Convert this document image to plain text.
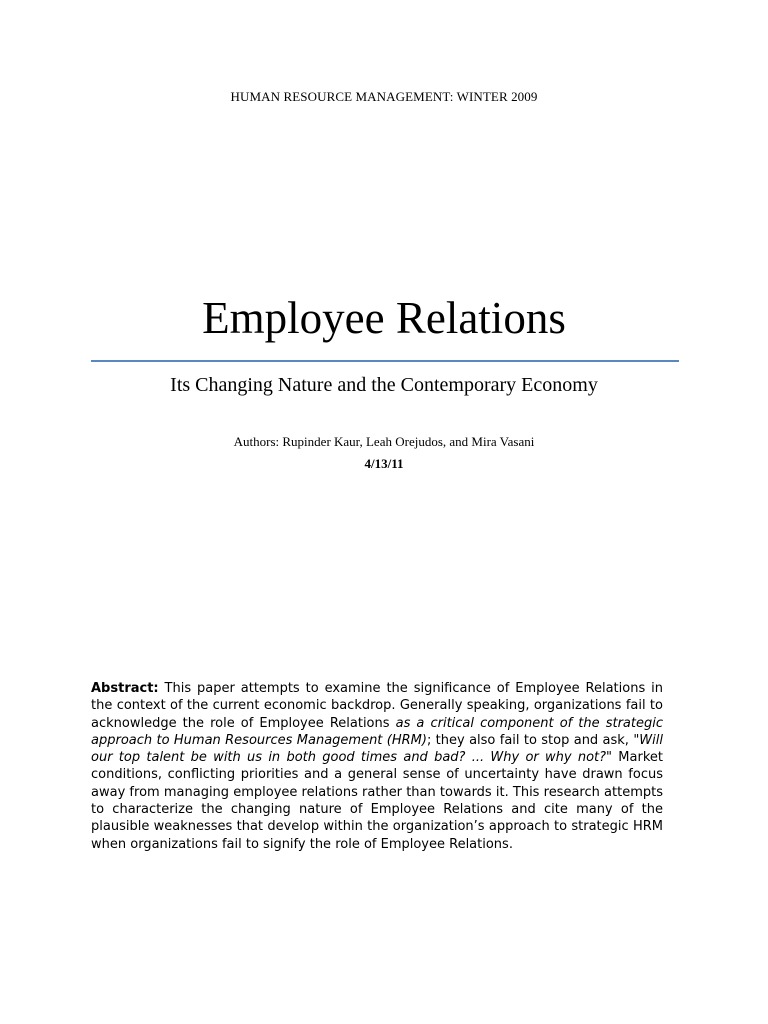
HUMAN RESOURCE MANAGEMENT: WINTER 2009
Employee Relations
Its Changing Nature and the Contemporary Economy
Authors: Rupinder Kaur, Leah Orejudos, and Mira Vasani
4/13/11

Abstract: This paper attempts to examine the significance of Employee Relations in the context of the current economic backdrop. Generally speaking, organizations fail to acknowledge the role of Employee Relations as a critical component of the strategic approach to Human Resources Management (HRM); they also fail to stop and ask, "Will our top talent be with us in both good times and bad? ... Why or why not?" Market conditions, conflicting priorities and a general sense of uncertainty have drawn focus away from managing employee relations rather than towards it. This research attempts to characterize the changing nature of Employee Relations and cite many of the plausible weaknesses that develop within the organization’s approach to strategic HRM when organizations fail to signify the role of Employee Relations.
